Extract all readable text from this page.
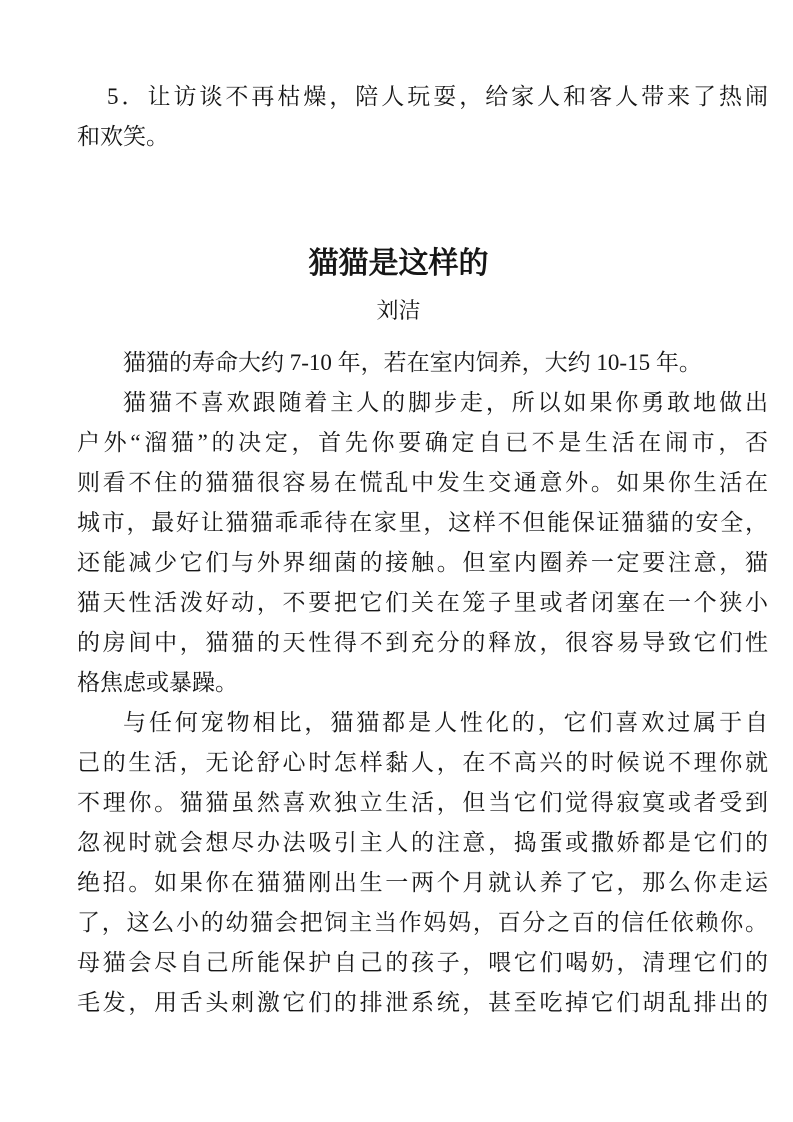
5．让访谈不再枯燥，陪人玩耍，给家人和客人带来了热闹
和欢笑。
猫猫是这样的
刘洁
猫猫的寿命大约 7-10 年，若在室内饲养，大约 10-15 年。
猫猫不喜欢跟随着主人的脚步走，所以如果你勇敢地做出
户外“溜猫”的决定，首先你要确定自已不是生活在闹市，否
则看不住的猫猫很容易在慌乱中发生交通意外。如果你生活在
城市，最好让猫猫乖乖待在家里，这样不但能保证猫貓的安全，
还能减少它们与外界细菌的接触。但室内圈养一定要注意，猫
猫天性活泼好动，不要把它们关在笼子里或者闭塞在一个狭小
的房间中，猫猫的天性得不到充分的释放，很容易导致它们性
格焦虑或暴躁。
与任何宠物相比，猫猫都是人性化的，它们喜欢过属于自
己的生活，无论舒心时怎样黏人，在不高兴的时候说不理你就
不理你。猫猫虽然喜欢独立生活，但当它们觉得寂寞或者受到
忽视时就会想尽办法吸引主人的注意，捣蛋或撒娇都是它们的
绝招。如果你在猫猫刚出生一两个月就认养了它，那么你走运
了，这么小的幼猫会把饲主当作妈妈，百分之百的信任依赖你。
母猫会尽自己所能保护自己的孩子，喂它们喝奶，清理它们的
毛发，用舌头刺激它们的排泄系统，甚至吃掉它们胡乱排出的
